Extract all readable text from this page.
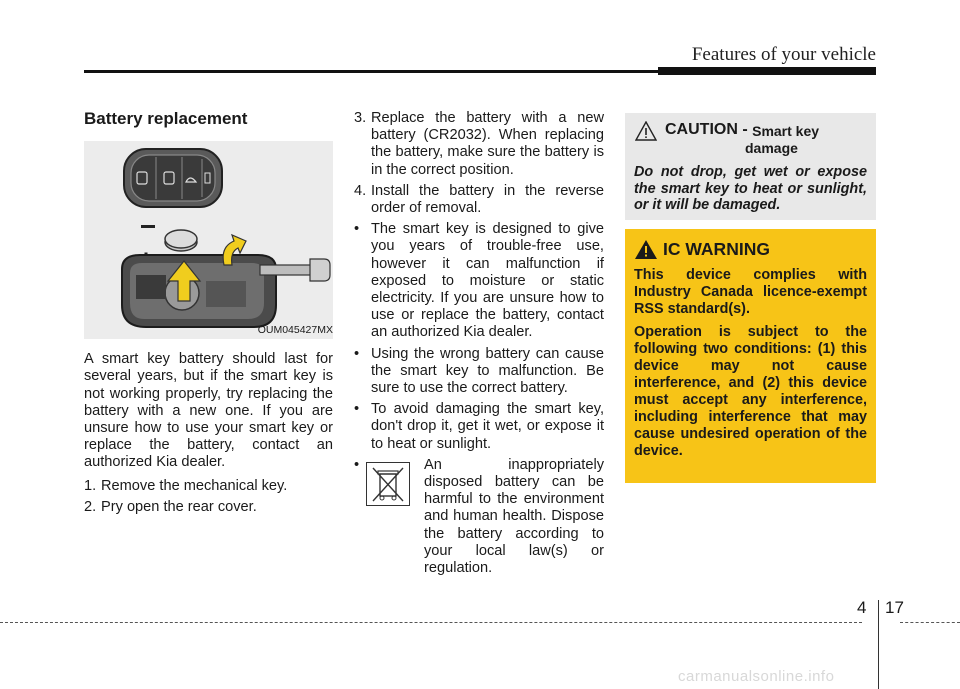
Features of your vehicle
Battery replacement
OUM045427MX

A smart key battery should last for several years, but if the smart key is not working properly, try replacing the battery with a new one. If you are unsure how to use your smart key or replace the battery, contact an authorized Kia dealer.

1. Remove the mechanical key.
2. Pry open the rear cover.
3. Replace the battery with a new battery (CR2032). When replacing the battery, make sure the battery is in the correct position.
4. Install the battery in the reverse order of removal.
• The smart key is designed to give you years of trouble-free use, however it can malfunction if exposed to moisture or static electricity. If you are unsure how to use or replace the battery, contact an authorized Kia dealer.
• Using the wrong battery can cause the smart key to malfunction. Be sure to use the correct battery.
• To avoid damaging the smart key, don't drop it, get it wet, or expose it to heat or sunlight.
•	An inappropriately disposed battery can be harmful to the environment and human health. Dispose the battery according to your local law(s) or regulation.
CAUTION -
Smart key
damage
Do not drop, get wet or expose the smart key to heat or sunlight, or it will be damaged.
IC WARNING

This device complies with Industry Canada licence-exempt RSS standard(s).

Operation is subject to the following two conditions: (1) this device may not cause interference, and (2) this device must accept any interference, including interference that may cause undesired operation of the device.

4 17
carmanualsonline.info
